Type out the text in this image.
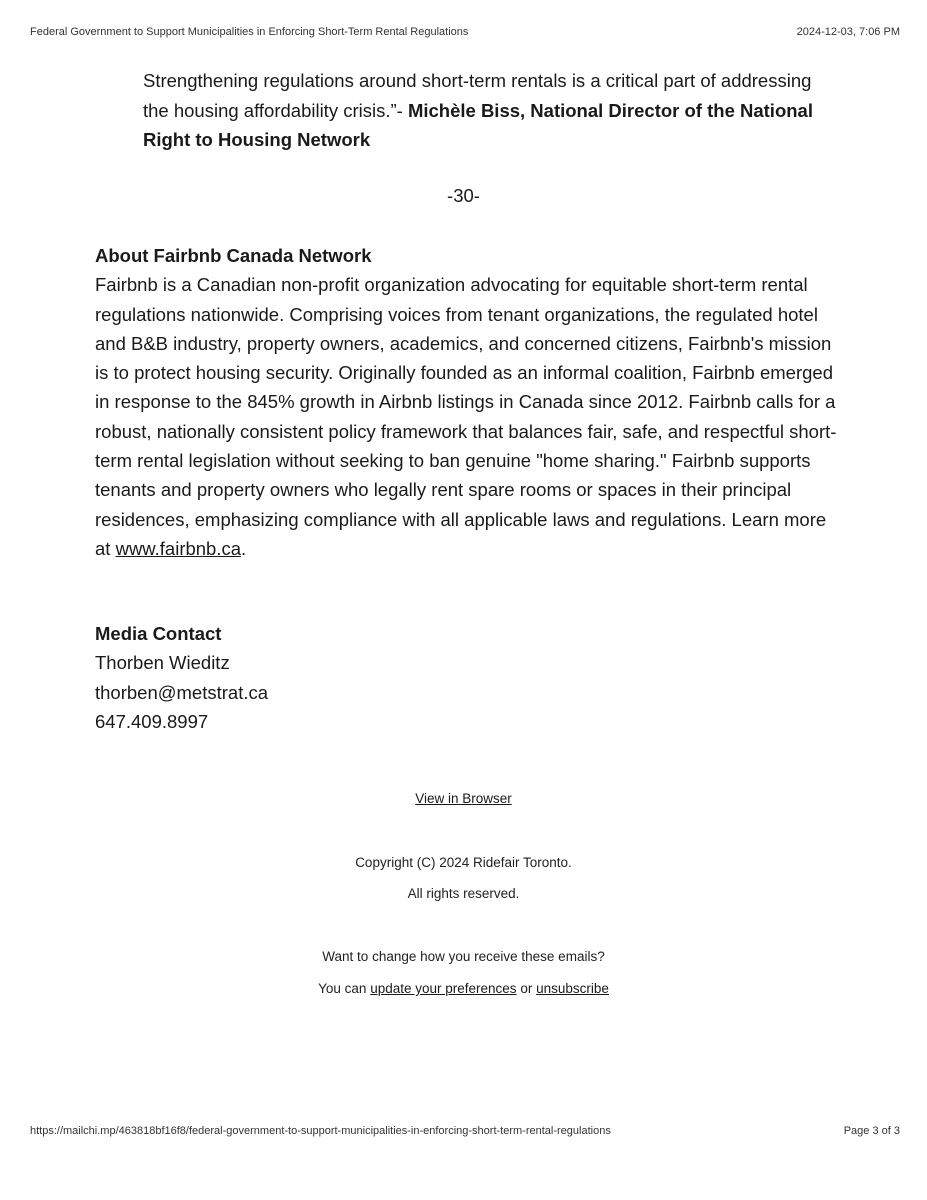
Federal Government to Support Municipalities in Enforcing Short-Term Rental Regulations	2024-12-03, 7:06 PM
Strengthening regulations around short-term rentals is a critical part of addressing the housing affordability crisis.”- Michèle Biss, National Director of the National Right to Housing Network
-30-
About Fairbnb Canada Network

Fairbnb is a Canadian non-profit organization advocating for equitable short-term rental regulations nationwide. Comprising voices from tenant organizations, the regulated hotel and B&B industry, property owners, academics, and concerned citizens, Fairbnb's mission is to protect housing security. Originally founded as an informal coalition, Fairbnb emerged in response to the 845% growth in Airbnb listings in Canada since 2012. Fairbnb calls for a robust, nationally consistent policy framework that balances fair, safe, and respectful short-term rental legislation without seeking to ban genuine "home sharing." Fairbnb supports tenants and property owners who legally rent spare rooms or spaces in their principal residences, emphasizing compliance with all applicable laws and regulations. Learn more at www.fairbnb.ca.

Media Contact
Thorben Wieditz
thorben@metstrat.ca
647.409.8997
View in Browser
Copyright (C) 2024 Ridefair Toronto.
All rights reserved.
Want to change how you receive these emails?
You can update your preferences or unsubscribe
https://mailchi.mp/463818bf16f8/federal-government-to-support-municipalities-in-enforcing-short-term-rental-regulations	Page 3 of 3
